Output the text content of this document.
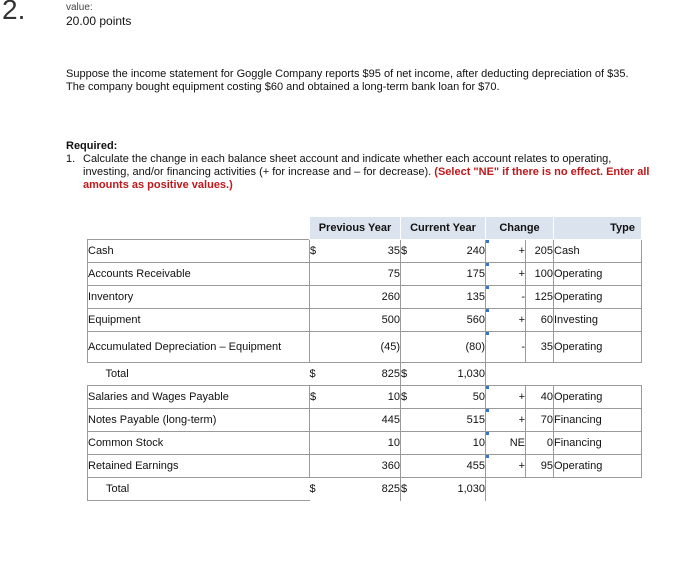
2.	value:
20.00 points
Suppose the income statement for Goggle Company reports $95 of net income, after deducting depreciation of $35. The company bought equipment costing $60 and obtained a long-term bank loan for $70.
Required:
1. Calculate the change in each balance sheet account and indicate whether each account relates to operating, investing, and/or financing activities (+ for increase and – for decrease). (Select "NE" if there is no effect. Enter all amounts as positive values.)
	Previous Year		Current Year		Change		Type
Cash	$	35	$	240	+	205	Cash
Accounts Receivable		75		175	+	100	Operating
Inventory		260		135	-	125	Operating
Equipment		500		560	+	60	Investing
Accumulated Depreciation – Equipment		(45)		(80)	-	35	Operating
Total	$	825	$	1,030			
Salaries and Wages Payable	$	10	$	50	+	40	Operating
Notes Payable (long-term)		445		515	+	70	Financing
Common Stock		10		10	NE	0	Financing
Retained Earnings		360		455	+	95	Operating
Total	$	825	$	1,030			
